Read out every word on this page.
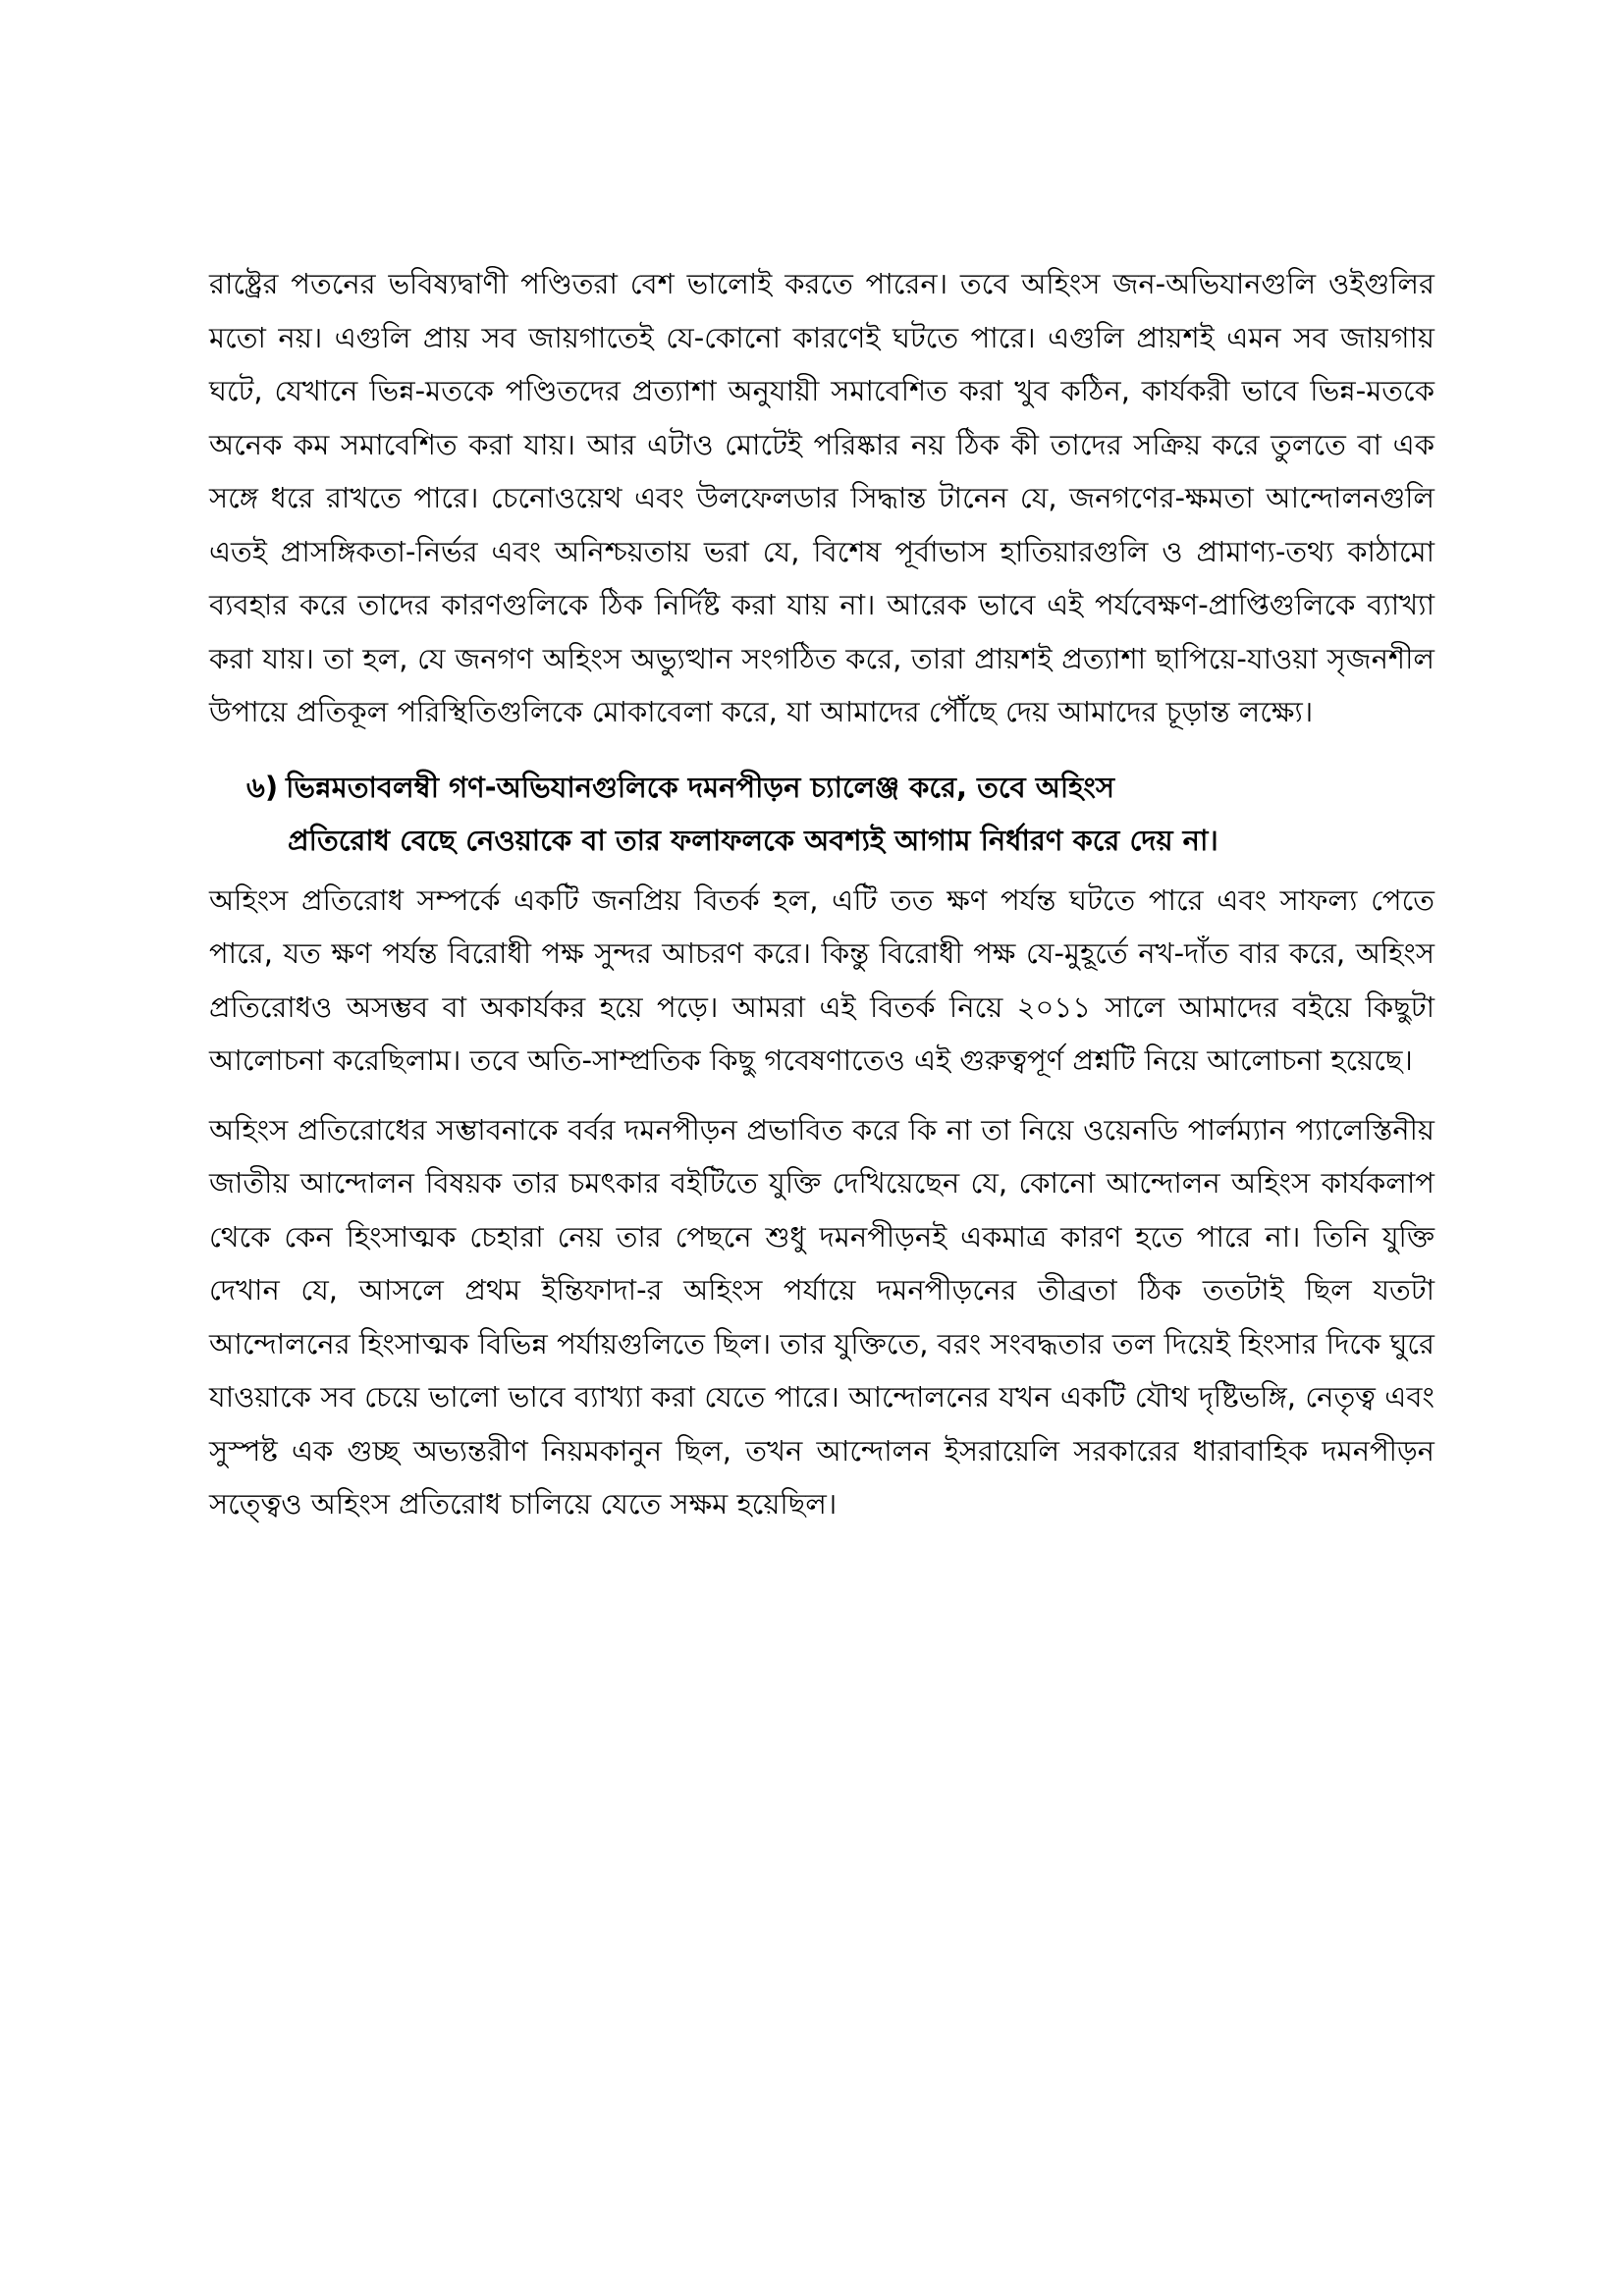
রাষ্ট্রের পতনের ভবিষ্যদ্বাণী পণ্ডিতরা বেশ ভালোই করতে পারেন। তবে অহিংস জন-অভিযানগুলি ওইগুলির মতো নয়। এগুলি প্রায় সব জায়গাতেই যে-কোনো কারণেই ঘটতে পারে। এগুলি প্রায়শই এমন সব জায়গায় ঘটে, যেখানে ভিন্ন-মতকে পণ্ডিতদের প্রত্যাশা অনুযায়ী সমাবেশিত করা খুব কঠিন, কার্যকরী ভাবে ভিন্ন-মতকে অনেক কম সমাবেশিত করা যায়। আর এটাও মোটেই পরিষ্কার নয় ঠিক কী তাদের সক্রিয় করে তুলতে বা এক সঙ্গে ধরে রাখতে পারে। চেনোওয়েথ এবং উলফেলডার সিদ্ধান্ত টানেন যে, জনগণের-ক্ষমতা আন্দোলনগুলি এতই প্রাসঙ্গিকতা-নির্ভর এবং অনিশ্চয়তায় ভরা যে, বিশেষ পূর্বাভাস হাতিয়ারগুলি ও প্রামাণ্য-তথ্য কাঠামো ব্যবহার করে তাদের কারণগুলিকে ঠিক নির্দিষ্ট করা যায় না। আরেক ভাবে এই পর্যবেক্ষণ-প্রাপ্তিগুলিকে ব্যাখ্যা করা যায়। তা হল, যে জনগণ অহিংস অভ্যুত্থান সংগঠিত করে, তারা প্রায়শই প্রত্যাশা ছাপিয়ে-যাওয়া সৃজনশীল উপায়ে প্রতিকূল পরিস্থিতিগুলিকে মোকাবেলা করে, যা আমাদের পৌঁছে দেয় আমাদের চূড়ান্ত লক্ষ্যে।

৬) ভিন্নমতাবলম্বী গণ-অভিযানগুলিকে দমনপীড়ন চ্যালেঞ্জ করে, তবে অহিংস

প্রতিরোধ বেছে নেওয়াকে বা তার ফলাফলকে অবশ্যই আগাম নির্ধারণ করে দেয় না।

অহিংস প্রতিরোধ সম্পর্কে একটি জনপ্রিয় বিতর্ক হল, এটি তত ক্ষণ পর্যন্ত ঘটতে পারে এবং সাফল্য পেতে পারে, যত ক্ষণ পর্যন্ত বিরোধী পক্ষ সুন্দর আচরণ করে। কিন্তু বিরোধী পক্ষ যে-মুহূর্তে নখ-দাঁত বার করে, অহিংস প্রতিরোধও অসম্ভব বা অকার্যকর হয়ে পড়ে। আমরা এই বিতর্ক নিয়ে ২০১১ সালে আমাদের বইয়ে কিছুটা আলোচনা করেছিলাম। তবে অতি-সাম্প্রতিক কিছু গবেষণাতেও এই গুরুত্বপূর্ণ প্রশ্নটি নিয়ে আলোচনা হয়েছে।

অহিংস প্রতিরোধের সম্ভাবনাকে বর্বর দমনপীড়ন প্রভাবিত করে কি না তা নিয়ে ওয়েনডি পার্লম্যান প্যালেস্তিনীয় জাতীয় আন্দোলন বিষয়ক তার চমৎকার বইটিতে যুক্তি দেখিয়েছেন যে, কোনো আন্দোলন অহিংস কার্যকলাপ থেকে কেন হিংসাত্মক চেহারা নেয় তার পেছনে শুধু দমনপীড়নই একমাত্র কারণ হতে পারে না। তিনি যুক্তি দেখান যে, আসলে প্রথম ইন্তিফাদা-র অহিংস পর্যায়ে দমনপীড়নের তীব্রতা ঠিক ততটাই ছিল যতটা আন্দোলনের হিংসাত্মক বিভিন্ন পর্যায়গুলিতে ছিল। তার যুক্তিতে, বরং সংবদ্ধতার তল দিয়েই হিংসার দিকে ঘুরে যাওয়াকে সব চেয়ে ভালো ভাবে ব্যাখ্যা করা যেতে পারে। আন্দোলনের যখন একটি যৌথ দৃষ্টিভঙ্গি, নেতৃত্ব এবং সুস্পষ্ট এক গুচ্ছ অভ্যন্তরীণ নিয়মকানুন ছিল, তখন আন্দোলন ইসরায়েলি সরকারের ধারাবাহিক দমনপীড়ন সত্ত্বেও অহিংস প্রতিরোধ চালিয়ে যেতে সক্ষম হয়েছিল।
